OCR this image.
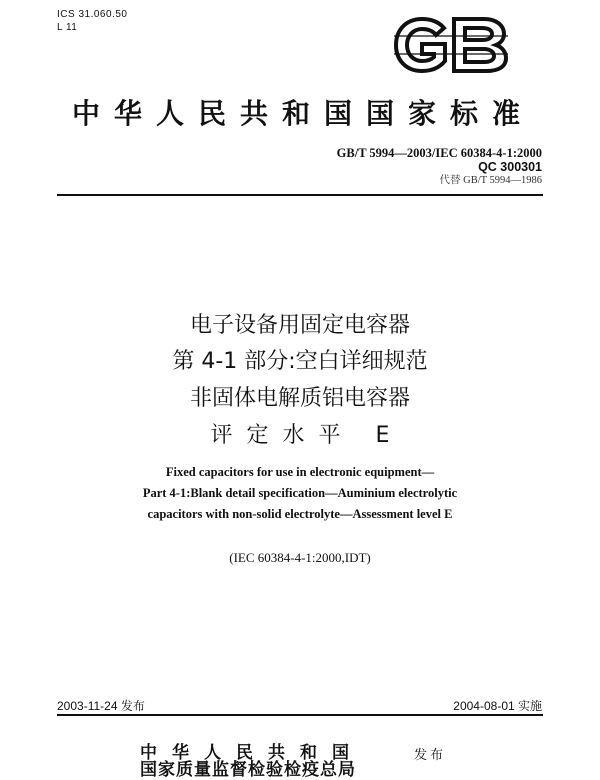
ICS 31.060.50
L 11
中华人民共和国国家标准
GB/T 5994—2003/IEC 60384-4-1:2000
QC 300301
代替 GB/T 5994—1986
电子设备用固定电容器
第 4-1 部分:空白详细规范
非固体电解质铝电容器
评定水平 E
Fixed capacitors for use in electronic equipment—
Part 4-1:Blank detail specification—Auminium electrolytic
capacitors with non-solid electrolyte—Assessment level E
(IEC 60384-4-1:2000,IDT)
2003-11-24 发布	2004-08-01 实施
中华人民共和国
国家质量监督检验检疫总局
发布
